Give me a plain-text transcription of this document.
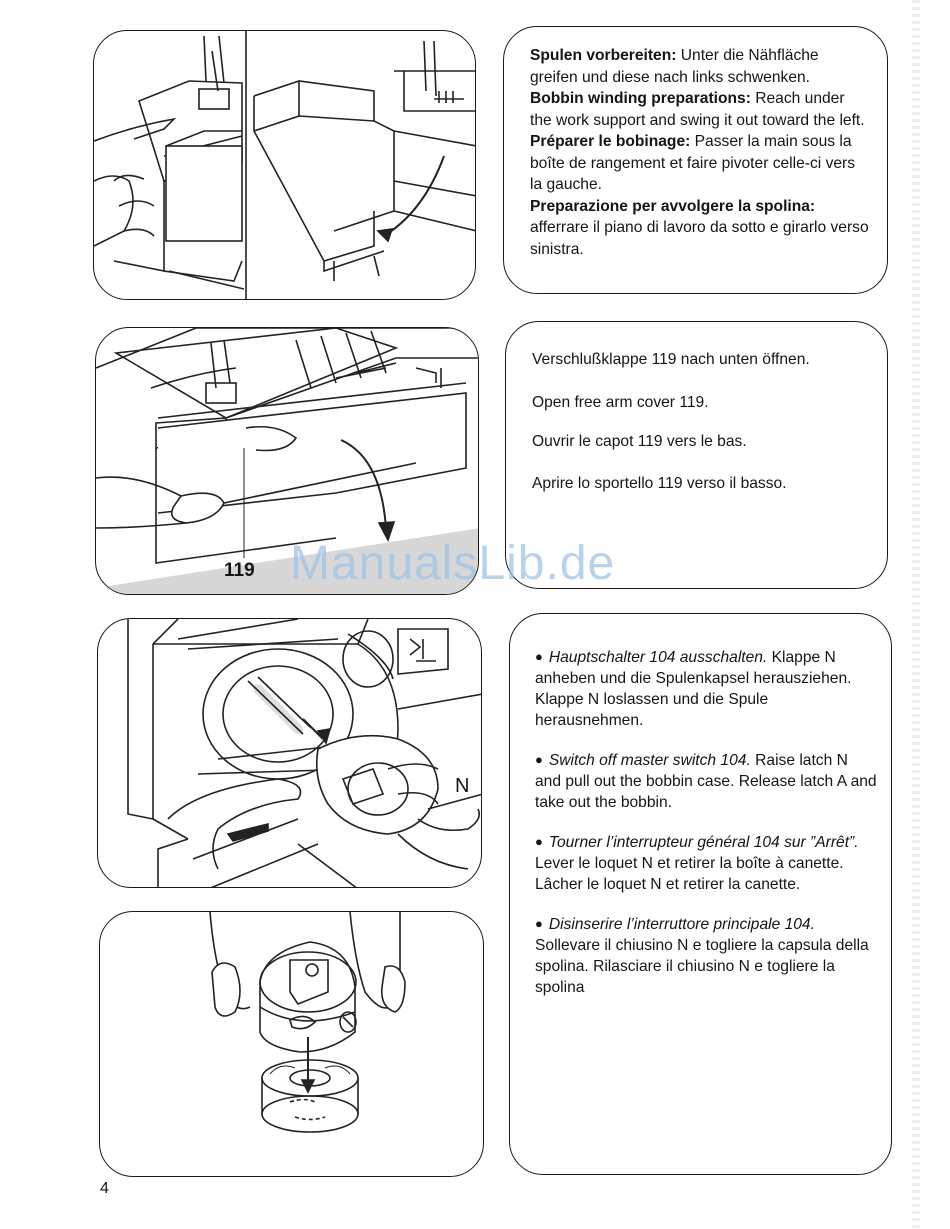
Spulen vorbereiten: Unter die Nähfläche greifen und diese nach links schwenken.

Bobbin winding preparations: Reach under the work support and swing it out toward the left.

Préparer le bobinage: Passer la main sous la boîte de rangement et faire pivoter celle-ci vers la gauche.

Preparazione per avvolgere la spolina: afferrare il piano di lavoro da sotto e girarlo verso sinistra.

119

Verschlußklappe 119 nach unten öffnen.

Open free arm cover 119.

Ouvrir le capot 119 vers le bas.

Aprire lo sportello 119 verso il basso.

N

● Hauptschalter 104 ausschalten. Klappe N anheben und die Spulenkapsel herausziehen. Klappe N loslassen und die Spule herausnehmen.

● Switch off master switch 104. Raise latch N and pull out the bobbin case. Release latch A and take out the bobbin.

● Tourner l’interrupteur général 104 sur ”Arrêt”. Lever le loquet N et retirer la boîte à canette. Lâcher le loquet N et retirer la canette.

● Disinserire l’interruttore principale 104. Sollevare il chiusino N e togliere la capsula della spolina. Rilasciare il chiusino N e togliere la spolina

ManualsLib.de
4
